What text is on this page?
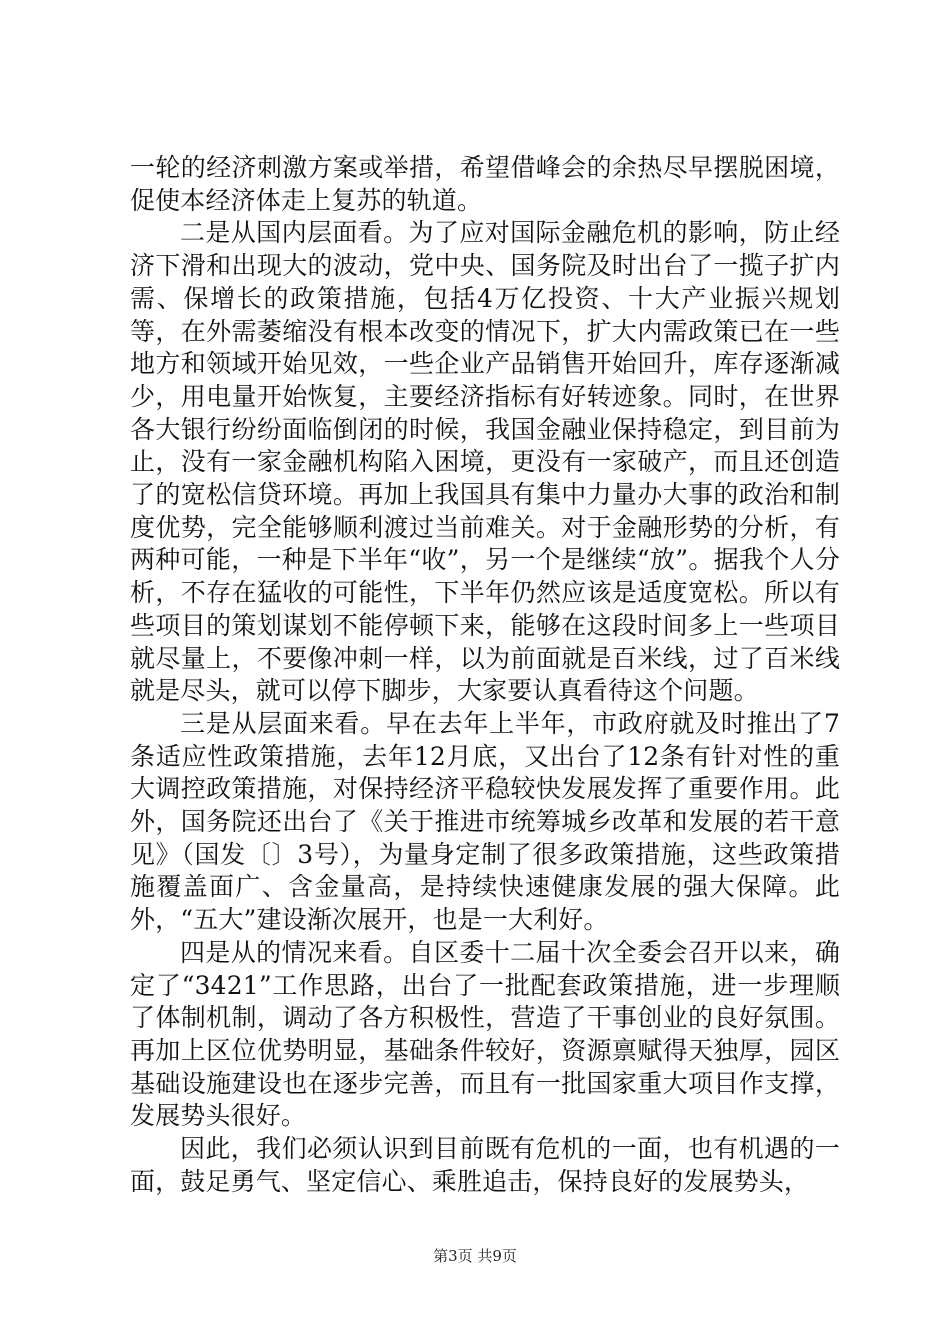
一轮的经济刺激方案或举措，希望借峰会的余热尽早摆脱困境，促使本经济体走上复苏的轨道。

二是从国内层面看。为了应对国际金融危机的影响，防止经济下滑和出现大的波动，党中央、国务院及时出台了一揽子扩内需、保增长的政策措施，包括4万亿投资、十大产业振兴规划等，在外需萎缩没有根本改变的情况下，扩大内需政策已在一些地方和领域开始见效，一些企业产品销售开始回升，库存逐渐减少，用电量开始恢复，主要经济指标有好转迹象。同时，在世界各大银行纷纷面临倒闭的时候，我国金融业保持稳定，到目前为止，没有一家金融机构陷入困境，更没有一家破产，而且还创造了的宽松信贷环境。再加上我国具有集中力量办大事的政治和制度优势，完全能够顺利渡过当前难关。对于金融形势的分析，有两种可能，一种是下半年“收”，另一个是继续“放”。据我个人分析，不存在猛收的可能性，下半年仍然应该是适度宽松。所以有些项目的策划谋划不能停顿下来，能够在这段时间多上一些项目就尽量上，不要像冲刺一样，以为前面就是百米线，过了百米线就是尽头，就可以停下脚步，大家要认真看待这个问题。

三是从层面来看。早在去年上半年，市政府就及时推出了7条适应性政策措施，去年12月底，又出台了12条有针对性的重大调控政策措施，对保持经济平稳较快发展发挥了重要作用。此外，国务院还出台了《关于推进市统筹城乡改革和发展的若干意见》（国发〔〕3号），为量身定制了很多政策措施，这些政策措施覆盖面广、含金量高，是持续快速健康发展的强大保障。此外，“五大”建设渐次展开，也是一大利好。

四是从的情况来看。自区委十二届十次全委会召开以来，确定了“3421”工作思路，出台了一批配套政策措施，进一步理顺了体制机制，调动了各方积极性，营造了干事创业的良好氛围。再加上区位优势明显，基础条件较好，资源禀赋得天独厚，园区基础设施建设也在逐步完善，而且有一批国家重大项目作支撑，发展势头很好。

因此，我们必须认识到目前既有危机的一面，也有机遇的一面，鼓足勇气、坚定信心、乘胜追击，保持良好的发展势头，

第3页 共9页
